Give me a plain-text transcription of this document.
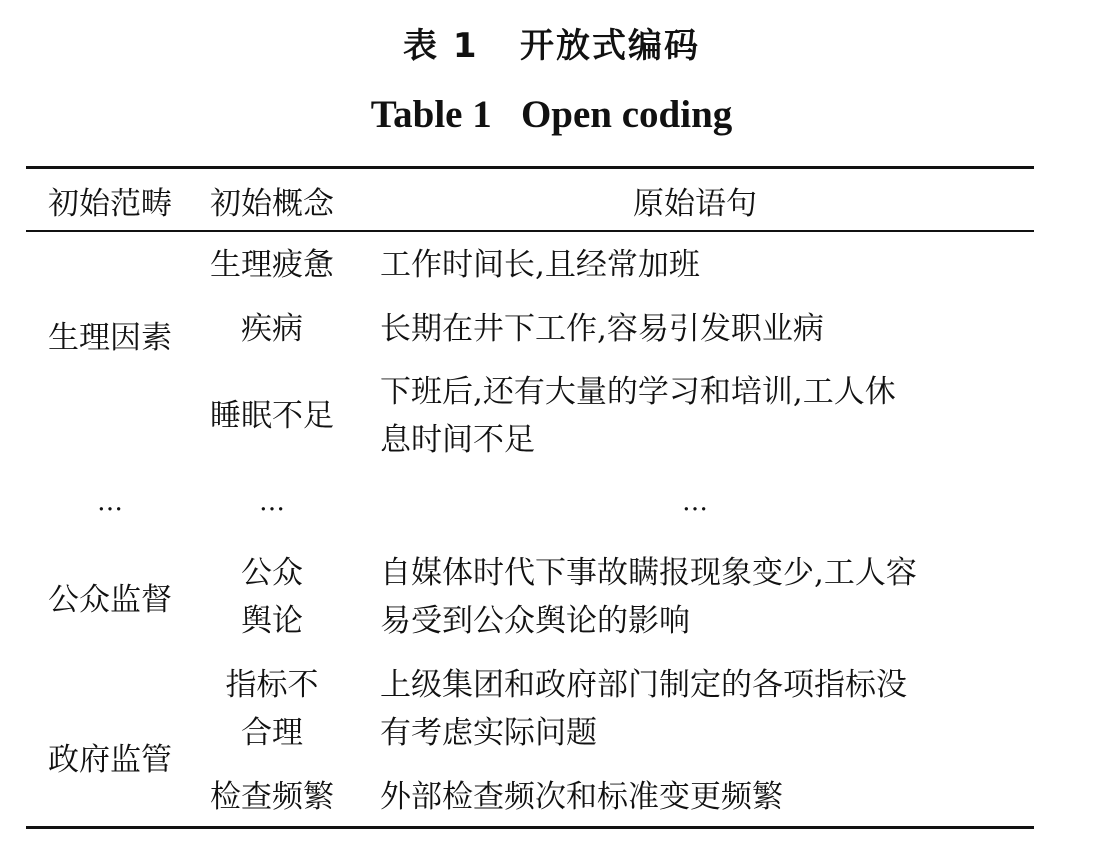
表 1   开放式编码
Table 1   Open coding
初始范畴	初始概念	原始语句
生理因素
…
公众监督
政府监管
生理疲惫
疾病
睡眠不足
…
公众
舆论
指标不
合理
检查频繁
工作时间长,且经常加班
长期在井下工作,容易引发职业病
下班后,还有大量的学习和培训,工人休
息时间不足
…
自媒体时代下事故瞒报现象变少,工人容
易受到公众舆论的影响
上级集团和政府部门制定的各项指标没
有考虑实际问题
外部检查频次和标准变更频繁
